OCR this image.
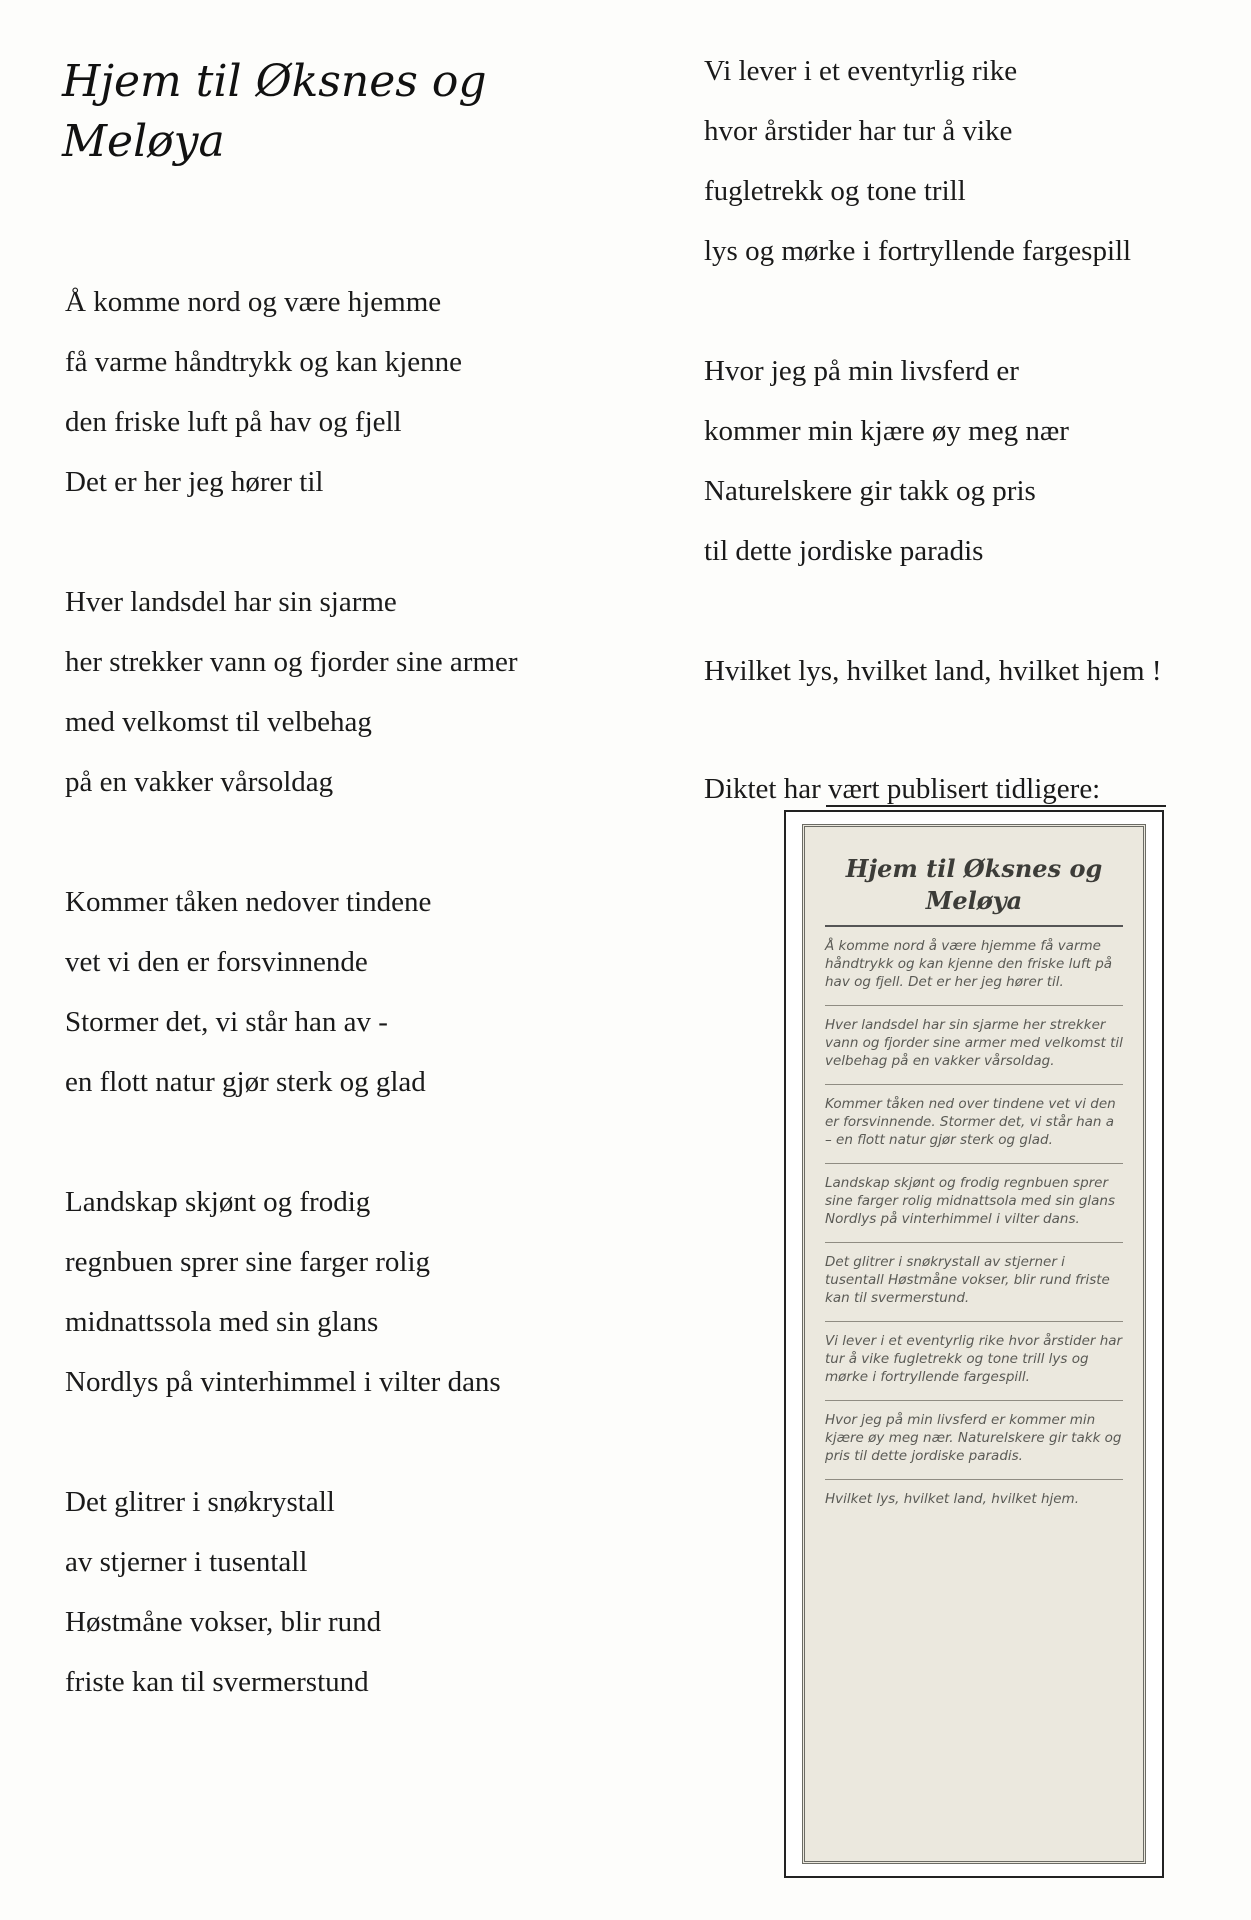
Hjem til Øksnes og Meløya
Å komme nord og være hjemme
få varme håndtrykk og kan kjenne
den friske luft på hav og fjell
Det er her jeg hører til
Hver landsdel har sin sjarme
her strekker vann og fjorder sine armer
med velkomst til velbehag
på en vakker vårsoldag
Kommer tåken nedover tindene
vet vi den er forsvinnende
Stormer det, vi står han av -
en flott natur gjør sterk og glad
Landskap skjønt og frodig
regnbuen sprer sine farger rolig
midnattssola med sin glans
Nordlys på vinterhimmel i vilter dans
Det glitrer i snøkrystall
av stjerner i tusentall
Høstmåne vokser, blir rund
friste kan til svermerstund
Vi lever i et eventyrlig rike
hvor årstider har tur å vike
fugletrekk og tone trill
lys og mørke i fortryllende fargespill
Hvor jeg på min livsferd er
kommer min kjære øy meg nær
Naturelskere gir takk og pris
til dette jordiske paradis
Hvilket lys, hvilket land, hvilket hjem !
Diktet har vært publisert tidligere:
Hjem til Øksnes og Meløya
Å komme nord å være hjemme få varme håndtrykk og kan kjenne den friske luft på hav og fjell. Det er her jeg hører til.
Hver landsdel har sin sjarme her strekker vann og fjorder sine armer med velkomst til velbehag på en vakker vårsoldag.
Kommer tåken ned over tindene vet vi den er forsvinnende. Stormer det, vi står han a – en flott natur gjør sterk og glad.
Landskap skjønt og frodig regnbuen sprer sine farger rolig midnattsola med sin glans Nordlys på vinterhimmel i vilter dans.
Det glitrer i snøkrystall av stjerner i tusentall Høstmåne vokser, blir rund friste kan til svermerstund.
Vi lever i et eventyrlig rike hvor årstider har tur å vike fugletrekk og tone trill lys og mørke i fortryllende fargespill.
Hvor jeg på min livsferd er kommer min kjære øy meg nær. Naturelskere gir takk og pris til dette jordiske paradis.
Hvilket lys, hvilket land, hvilket hjem.
